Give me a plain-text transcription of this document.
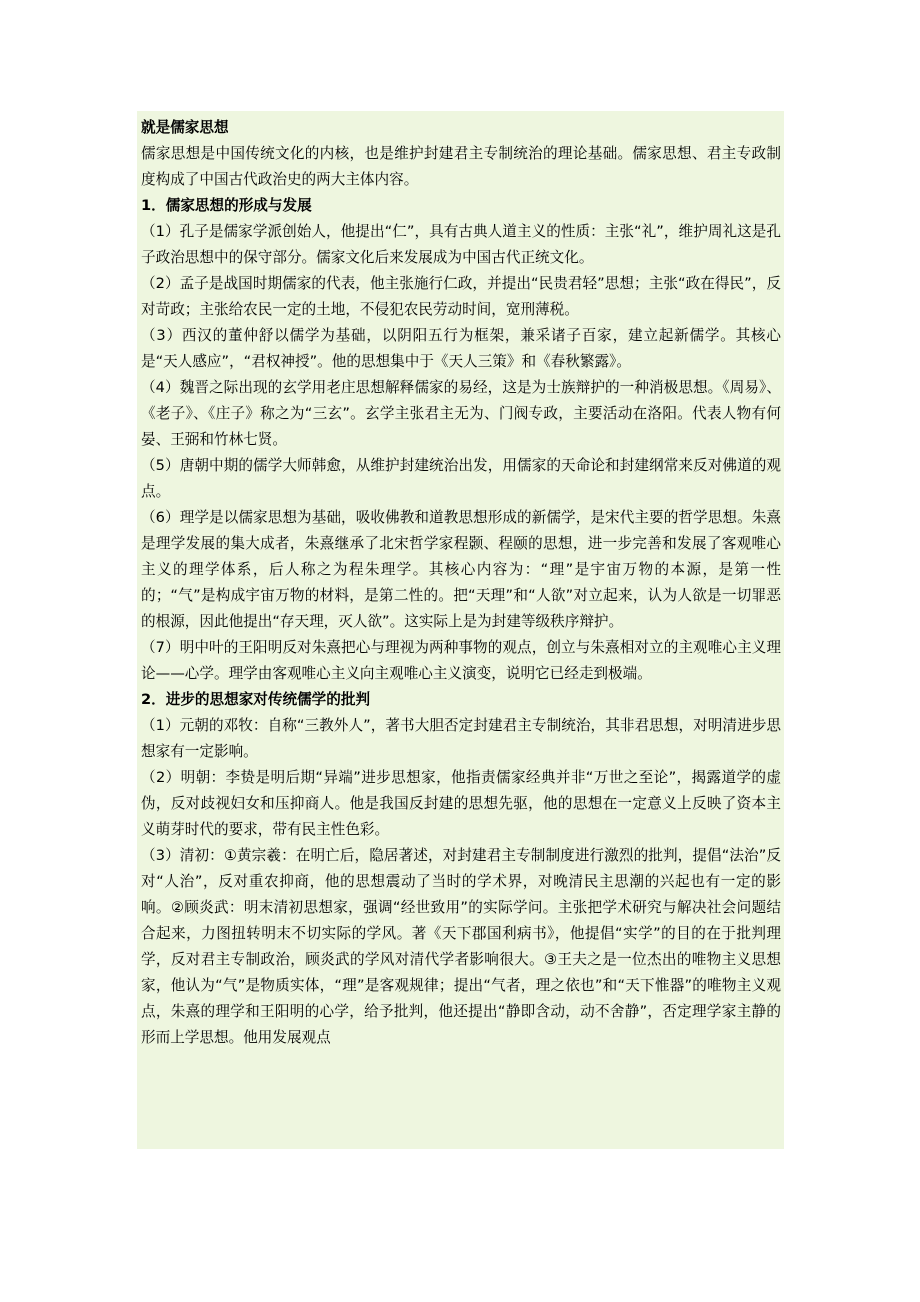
就是儒家思想

儒家思想是中国传统文化的内核，也是维护封建君主专制统治的理论基础。儒家思想、君主专政制度构成了中国古代政治史的两大主体内容。

1．儒家思想的形成与发展

（1）孔子是儒家学派创始人，他提出“仁”，具有古典人道主义的性质：主张“礼”，维护周礼这是孔子政治思想中的保守部分。儒家文化后来发展成为中国古代正统文化。

（2）孟子是战国时期儒家的代表，他主张施行仁政，并提出“民贵君轻”思想；主张“政在得民”，反对苛政；主张给农民一定的土地，不侵犯农民劳动时间，宽刑薄税。

（3）西汉的董仲舒以儒学为基础，以阴阳五行为框架，兼采诸子百家，建立起新儒学。其核心是“天人感应”，“君权神授”。他的思想集中于《天人三策》和《春秋繁露》。

（4）魏晋之际出现的玄学用老庄思想解释儒家的易经，这是为士族辩护的一种消极思想。《周易》、《老子》、《庄子》称之为“三玄”。玄学主张君主无为、门阀专政，主要活动在洛阳。代表人物有何晏、王弼和竹林七贤。

（5）唐朝中期的儒学大师韩愈，从维护封建统治出发，用儒家的天命论和封建纲常来反对佛道的观点。

（6）理学是以儒家思想为基础，吸收佛教和道教思想形成的新儒学，是宋代主要的哲学思想。朱熹是理学发展的集大成者，朱熹继承了北宋哲学家程颢、程颐的思想，进一步完善和发展了客观唯心主义的理学体系，后人称之为程朱理学。其核心内容为：“理”是宇宙万物的本源，是第一性的；“气”是构成宇宙万物的材料，是第二性的。把“天理”和“人欲”对立起来，认为人欲是一切罪恶的根源，因此他提出“存天理，灭人欲”。这实际上是为封建等级秩序辩护。

（7）明中叶的王阳明反对朱熹把心与理视为两种事物的观点，创立与朱熹相对立的主观唯心主义理论——心学。理学由客观唯心主义向主观唯心主义演变，说明它已经走到极端。

2．进步的思想家对传统儒学的批判

（1）元朝的邓牧：自称“三教外人”，著书大胆否定封建君主专制统治，其非君思想，对明清进步思想家有一定影响。

（2）明朝：李贽是明后期“异端”进步思想家，他指责儒家经典并非“万世之至论”，揭露道学的虚伪，反对歧视妇女和压抑商人。他是我国反封建的思想先驱，他的思想在一定意义上反映了资本主义萌芽时代的要求，带有民主性色彩。

（3）清初：①黄宗羲：在明亡后，隐居著述，对封建君主专制制度进行激烈的批判，提倡“法治”反对“人治”，反对重农抑商，他的思想震动了当时的学术界，对晚清民主思潮的兴起也有一定的影响。②顾炎武：明末清初思想家，强调“经世致用”的实际学问。主张把学术研究与解决社会问题结合起来，力图扭转明末不切实际的学风。著《天下郡国利病书》，他提倡“实学”的目的在于批判理学，反对君主专制政治，顾炎武的学风对清代学者影响很大。③王夫之是一位杰出的唯物主义思想家，他认为“气”是物质实体，“理”是客观规律；提出“气者，理之依也”和“天下惟器”的唯物主义观点，朱熹的理学和王阳明的心学，给予批判，他还提出“静即含动，动不舍静”，否定理学家主静的形而上学思想。他用发展观点
